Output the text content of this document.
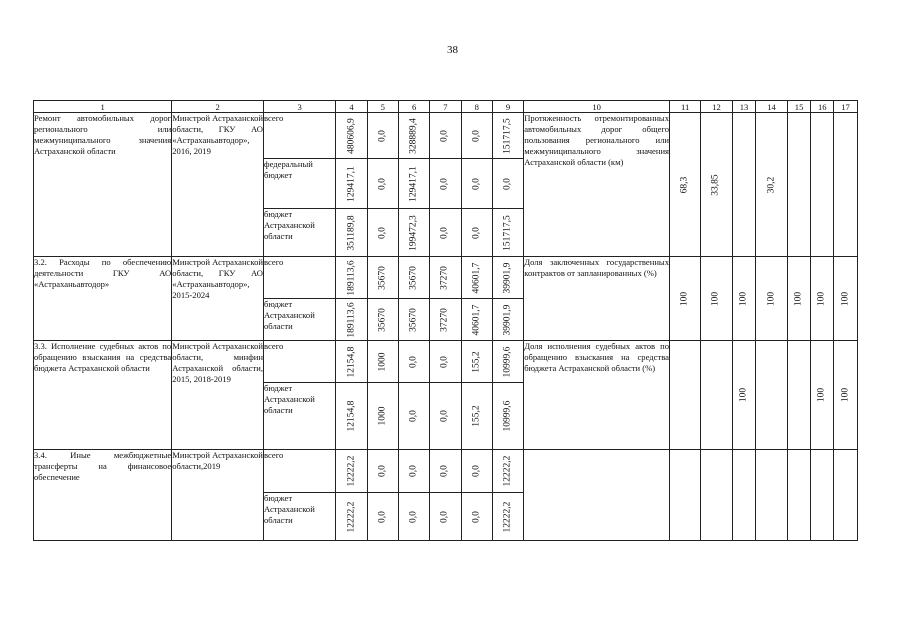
38
1	2	3	4	5	6	7	8	9	10	11	12	13	14	15	16	17
Ремонт автомобильных дорог регионального или межмуниципального значения Астраханской области	Минстрой Астраханской области, ГКУ АО «Астраханьавтодор», 2016, 2019	всего	480606,9	0,0	328889,4	0,0	0,0	151717,5	Протяженность отремонтированных автомобильных дорог общего пользования регионального или межмуниципального значения Астраханской области (км)	68,3	33,85		30,2			

		федеральный бюджет	129417,1	0,0	129417,1	0,0	0,0	0,0								

		бюджет Астраханской области	351189,8	0,0	199472,3	0,0	0,0	151717,5								

3.2. Расходы по обеспечению деятельности ГКУ АО «Астраханьавтодор»	Минстрой Астраханской области, ГКУ АО «Астраханьавтодор», 2015-2024	всего	189113,6	35670	35670	37270	40601,7	39901,9	Доля заключенных государственных контрактов от запланированных (%)	100	100	100	100	100	100	100

		бюджет Астраханской области	189113,6	35670	35670	37270	40601,7	39901,9								

3.3. Исполнение судебных актов по обращению взыскания на средства бюджета Астраханской области	Минстрой Астраханской области, минфин Астраханской области, 2015, 2018-2019	всего	12154,8	1000	0,0	0,0	155,2	10999,6	Доля исполнения судебных актов по обращению взыскания на средства бюджета Астраханской области (%)			100			100	100

		бюджет Астраханской области	12154,8	1000	0,0	0,0	155,2	10999,6								

3.4. Иные межбюджетные трансферты на финансовое обеспечение	Минстрой Астраханской области,2019	всего	12222,2	0,0	0,0	0,0	0,0	12222,2								

		бюджет Астраханской области	12222,2	0,0	0,0	0,0	0,0	12222,2								
